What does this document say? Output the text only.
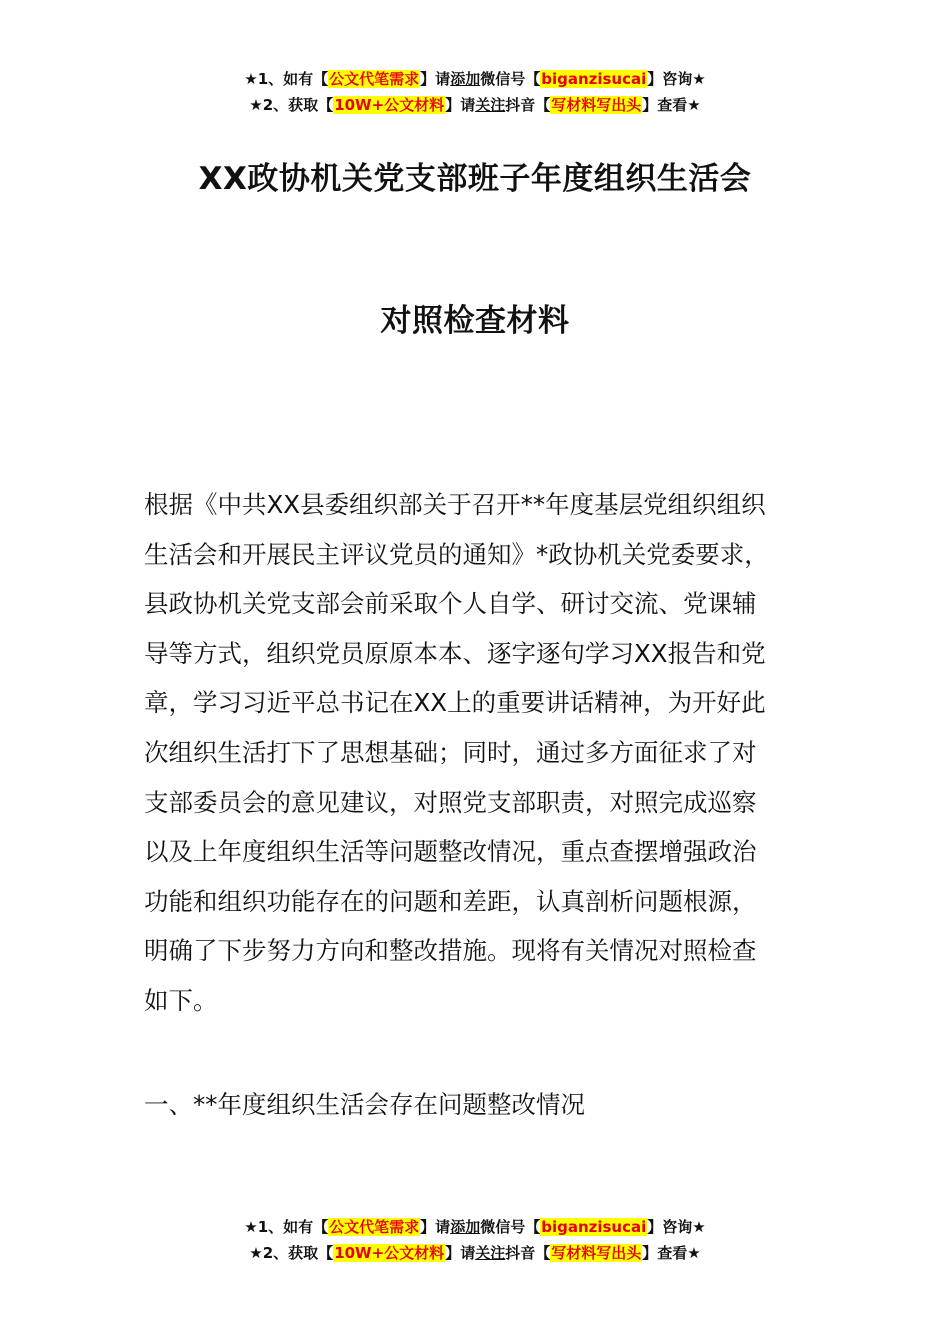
★1、如有【公文代笔需求】请添加微信号【biganzisucai】咨询★
★2、获取【10W+公文材料】请关注抖音【写材料写出头】查看★
XX政协机关党支部班子年度组织生活会
对照检查材料
根据《中共XX县委组织部关于召开**年度基层党组织组织
生活会和开展民主评议党员的通知》*政协机关党委要求，
县政协机关党支部会前采取个人自学、研讨交流、党课辅
导等方式，组织党员原原本本、逐字逐句学习XX报告和党
章，学习习近平总书记在XX上的重要讲话精神，为开好此
次组织生活打下了思想基础；同时，通过多方面征求了对
支部委员会的意见建议，对照党支部职责，对照完成巡察
以及上年度组织生活等问题整改情况，重点查摆增强政治
功能和组织功能存在的问题和差距，认真剖析问题根源，
明确了下步努力方向和整改措施。现将有关情况对照检查
如下。
一、**年度组织生活会存在问题整改情况
★1、如有【公文代笔需求】请添加微信号【biganzisucai】咨询★
★2、获取【10W+公文材料】请关注抖音【写材料写出头】查看★
